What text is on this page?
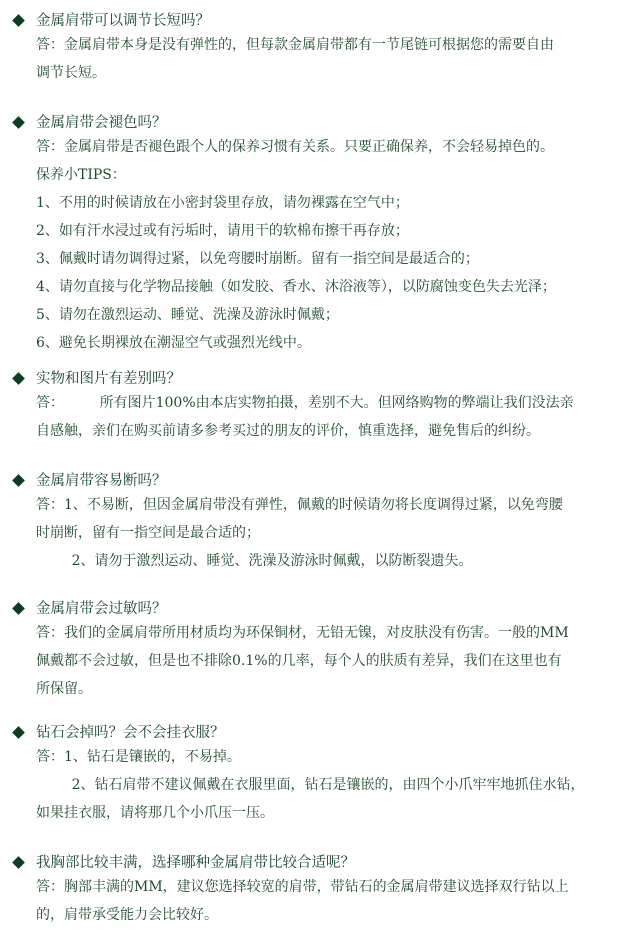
金属肩带可以调节长短吗？
答：金属肩带本身是没有弹性的，但每款金属肩带都有一节尾链可根据您的需要自由
调节长短。
金属肩带会褪色吗？
答：金属肩带是否褪色跟个人的保养习惯有关系。只要正确保养，不会轻易掉色的。
保养小TIPS：
1、不用的时候请放在小密封袋里存放，请勿裸露在空气中；
2、如有汗水浸过或有污垢时，请用干的软棉布擦干再存放；
3、佩戴时请勿调得过紧，以免弯腰时崩断。留有一指空间是最适合的；
4、请勿直接与化学物品接触（如发胶、香水、沐浴液等），以防腐蚀变色失去光泽；
5、请勿在激烈运动、睡觉、洗澡及游泳时佩戴；
6、避免长期裸放在潮湿空气或强烈光线中。
实物和图片有差别吗？
答：        所有图片100%由本店实物拍摄，差别不大。但网络购物的弊端让我们没法亲
自感触，亲们在购买前请多参考买过的朋友的评价，慎重选择，避免售后的纠纷。
金属肩带容易断吗？
答：1、不易断，但因金属肩带没有弹性，佩戴的时候请勿将长度调得过紧，以免弯腰
时崩断，留有一指空间是最合适的；
2、请勿于激烈运动、睡觉、洗澡及游泳时佩戴，以防断裂遗失。
金属肩带会过敏吗？
答：我们的金属肩带所用材质均为环保铜材，无铅无镍，对皮肤没有伤害。一般的MM
佩戴都不会过敏，但是也不排除0.1%的几率，每个人的肤质有差异，我们在这里也有
所保留。
钻石会掉吗？会不会挂衣服？
答：1、钻石是镶嵌的，不易掉。
2、钻石肩带不建议佩戴在衣服里面，钻石是镶嵌的，由四个小爪牢牢地抓住水钻，
如果挂衣服，请将那几个小爪压一压。
我胸部比较丰满，选择哪种金属肩带比较合适呢？
答：胸部丰满的MM，建议您选择较宽的肩带，带钻石的金属肩带建议选择双行钻以上
的，肩带承受能力会比较好。
